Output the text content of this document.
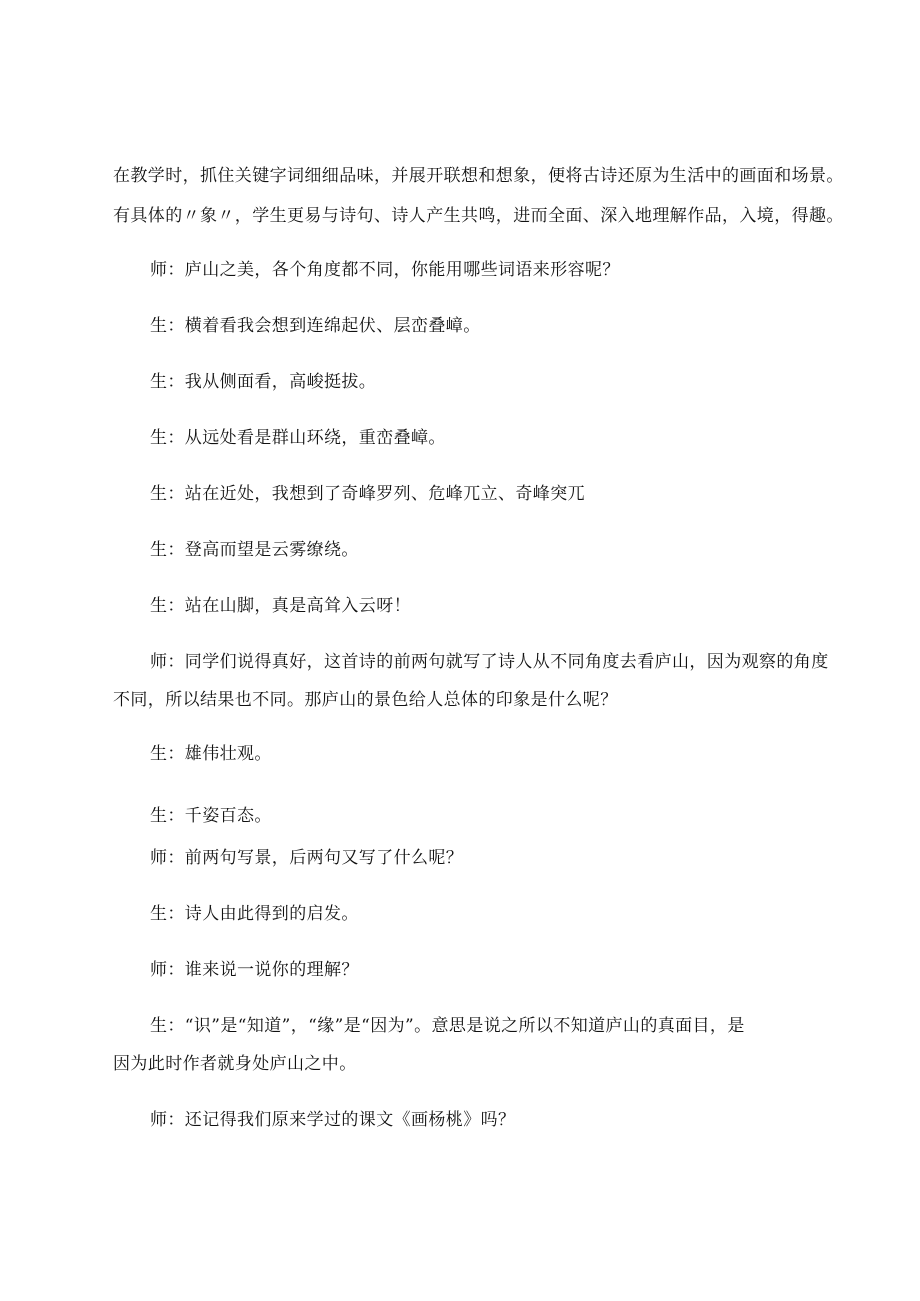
在教学时，抓住关键字词细细品味，并展开联想和想象，便将古诗还原为生活中的画面和场景。
有具体的〃象〃，学生更易与诗句、诗人产生共鸣，进而全面、深入地理解作品，入境，得趣。
师：庐山之美，各个角度都不同，你能用哪些词语来形容呢？
生：横着看我会想到连绵起伏、层峦叠嶂。
生：我从侧面看，高峻挺拔。
生：从远处看是群山环绕，重峦叠嶂。
生：站在近处，我想到了奇峰罗列、危峰兀立、奇峰突兀
生：登高而望是云雾缭绕。
生：站在山脚，真是高耸入云呀！
师：同学们说得真好，这首诗的前两句就写了诗人从不同角度去看庐山，因为观察的角度
不同，所以结果也不同。那庐山的景色给人总体的印象是什么呢？
生：雄伟壮观。
生：千姿百态。
师：前两句写景，后两句又写了什么呢？
生：诗人由此得到的启发。
师：谁来说一说你的理解？
生：“识”是“知道”，“缘”是“因为”。意思是说之所以不知道庐山的真面目，是
因为此时作者就身处庐山之中。
师：还记得我们原来学过的课文《画杨桃》吗？
